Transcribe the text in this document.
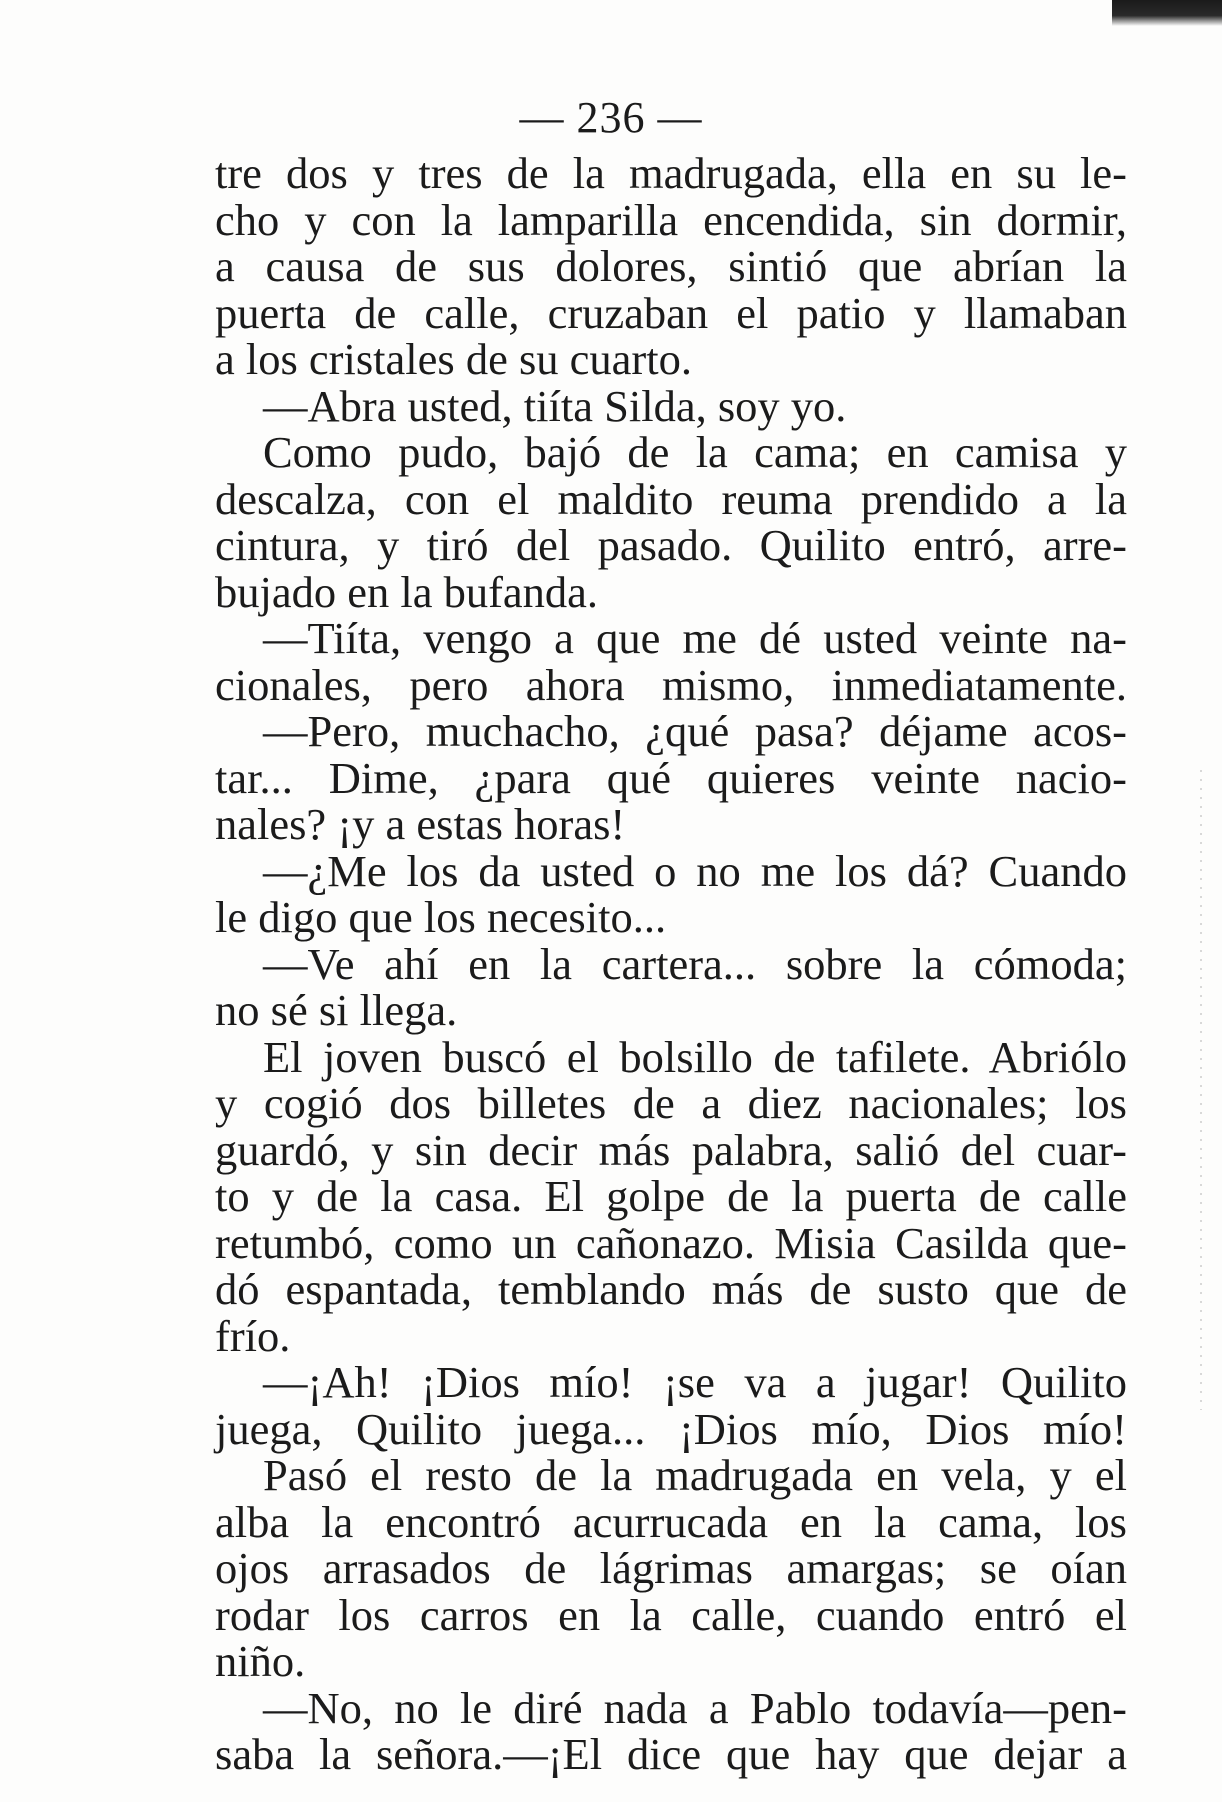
— 236 —
tre dos y tres de la madrugada, ella en su le-
cho y con la lamparilla encendida, sin dormir,
a causa de sus dolores, sintió que abrían la
puerta de calle, cruzaban el patio y llamaban
a los cristales de su cuarto.
—Abra usted, tiíta Silda, soy yo.
Como pudo, bajó de la cama; en camisa y
descalza, con el maldito reuma prendido a la
cintura, y tiró del pasado. Quilito entró, arre-
bujado en la bufanda.
—Tiíta, vengo a que me dé usted veinte na-
cionales, pero ahora mismo, inmediatamente.
—Pero, muchacho, ¿qué pasa? déjame acos-
tar... Dime, ¿para qué quieres veinte nacio-
nales? ¡y a estas horas!
—¿Me los da usted o no me los dá? Cuando
le digo que los necesito...
—Ve ahí en la cartera... sobre la cómoda;
no sé si llega.
El joven buscó el bolsillo de tafilete. Abriólo
y cogió dos billetes de a diez nacionales; los
guardó, y sin decir más palabra, salió del cuar-
to y de la casa. El golpe de la puerta de calle
retumbó, como un cañonazo. Misia Casilda que-
dó espantada, temblando más de susto que de
frío.
—¡Ah! ¡Dios mío! ¡se va a jugar! Quilito
juega, Quilito juega... ¡Dios mío, Dios mío!
Pasó el resto de la madrugada en vela, y el
alba la encontró acurrucada en la cama, los
ojos arrasados de lágrimas amargas; se oían
rodar los carros en la calle, cuando entró el
niño.
—No, no le diré nada a Pablo todavía—pen-
saba la señora.—¡El dice que hay que dejar a
